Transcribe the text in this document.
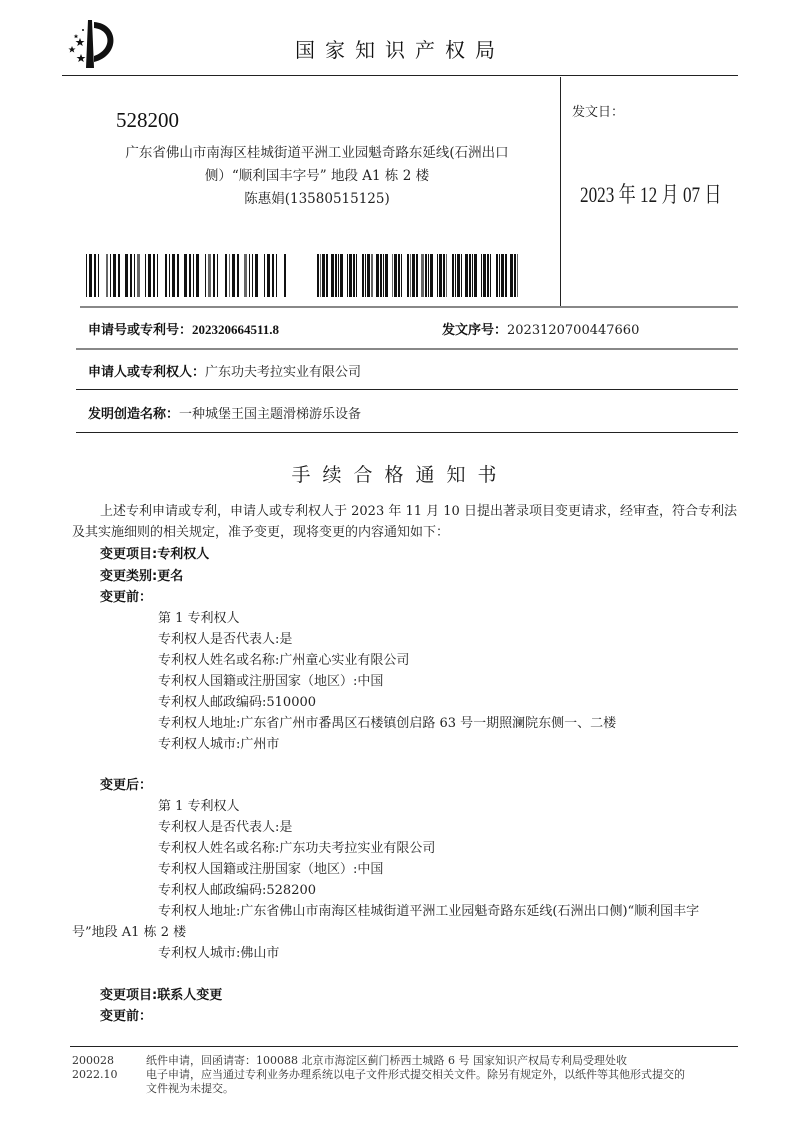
国家知识产权局
528200
广东省佛山市南海区桂城街道平洲工业园魁奇路东延线(石洲出口
侧）“顺利国丰字号” 地段 A1 栋 2 楼
陈惠娟(13580515125)
发文日：
2023 年 12 月 07 日
申请号或专利号：202320664511.8	发文序号：2023120700447660
申请人或专利权人：广东功夫考拉实业有限公司
发明创造名称：一种城堡王国主题滑梯游乐设备
手续合格通知书
上述专利申请或专利，申请人或专利权人于 2023 年 11 月 10 日提出著录项目变更请求，经审查，符合专利法及其实施细则的相关规定，准予变更，现将变更的内容通知如下：
变更项目:专利权人
变更类别:更名
变更前：
第 1 专利权人
专利权人是否代表人:是
专利权人姓名或名称:广州童心实业有限公司
专利权人国籍或注册国家（地区）:中国
专利权人邮政编码:510000
专利权人地址:广东省广州市番禺区石楼镇创启路 63 号一期照澜院东侧一、二楼
专利权人城市:广州市
变更后：
第 1 专利权人
专利权人是否代表人:是
专利权人姓名或名称:广东功夫考拉实业有限公司
专利权人国籍或注册国家（地区）:中国
专利权人邮政编码:528200
专利权人地址:广东省佛山市南海区桂城街道平洲工业园魁奇路东延线(石洲出口侧)“顺利国丰字
号”地段 A1 栋 2 楼
专利权人城市:佛山市
变更项目:联系人变更
变更前：
200028
2022.10
纸件申请，回函请寄：100088 北京市海淀区蓟门桥西土城路 6 号 国家知识产权局专利局受理处收
电子申请，应当通过专利业务办理系统以电子文件形式提交相关文件。除另有规定外，以纸件等其他形式提交的
文件视为未提交。
